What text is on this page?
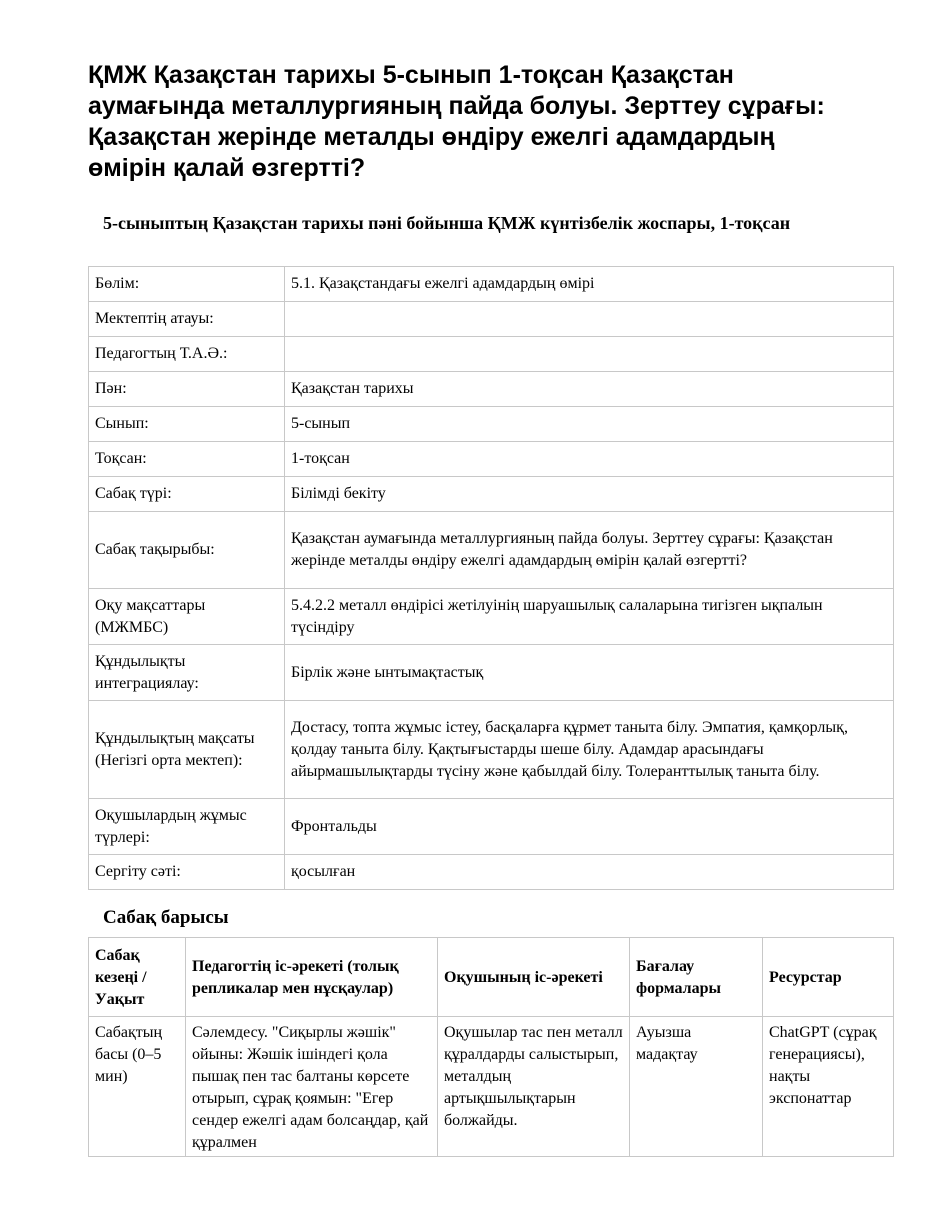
ҚМЖ Қазақстан тарихы 5-сынып 1-тоқсан Қазақстан аумағында металлургияның пайда болуы. Зерттеу сұрағы: Қазақстан жерінде металды өндіру ежелгі адамдардың өмірін қалай өзгертті?
5-сыныптың Қазақстан тарихы пәні бойынша ҚМЖ күнтізбелік жоспары, 1-тоқсан
Бөлім:	5.1. Қазақстандағы ежелгі адамдардың өмірі
Мектептің атауы:	
Педагогтың Т.А.Ә.:	
Пән:	Қазақстан тарихы
Сынып:	5-сынып
Тоқсан:	1-тоқсан
Сабақ түрі:	Білімді бекіту
Сабақ тақырыбы:	Қазақстан аумағында металлургияның пайда болуы. Зерттеу сұрағы: Қазақстан жерінде металды өндіру ежелгі адамдардың өмірін қалай өзгертті?
Оқу мақсаттары (МЖМБС)	5.4.2.2 металл өндірісі жетілуінің шаруашылық салаларына тигізген ықпалын түсіндіру
Құндылықты интеграциялау:	Бірлік және ынтымақтастық
Құндылықтың мақсаты (Негізгі орта мектеп):	Достасу, топта жұмыс істеу, басқаларға құрмет таныта білу. Эмпатия, қамқорлық, қолдау таныта білу. Қақтығыстарды шеше білу. Адамдар арасындағы айырмашылықтарды түсіну және қабылдай білу. Толеранттылық таныта білу.
Оқушылардың жұмыс түрлері:	Фронтальды
Сергіту сәті:	қосылған
Сабақ барысы
Сабақ кезеңі / Уақыт	Педагогтің іс-әрекеті (толық репликалар мен нұсқаулар)	Оқушының іс-әрекеті	Бағалау формалары	Ресурстар
Сабақтың басы (0–5 мин)	Сәлемдесу. "Сиқырлы жәшік" ойыны: Жәшік ішіндегі қола пышақ пен тас балтаны көрсете отырып, сұрақ қоямын: "Егер сендер ежелгі адам болсаңдар, қай құралмен	Оқушылар тас пен металл құралдарды салыстырып, металдың артықшылықтарын болжайды.	Ауызша мадақтау	ChatGPT (сұрақ генерациясы), нақты экспонаттар
